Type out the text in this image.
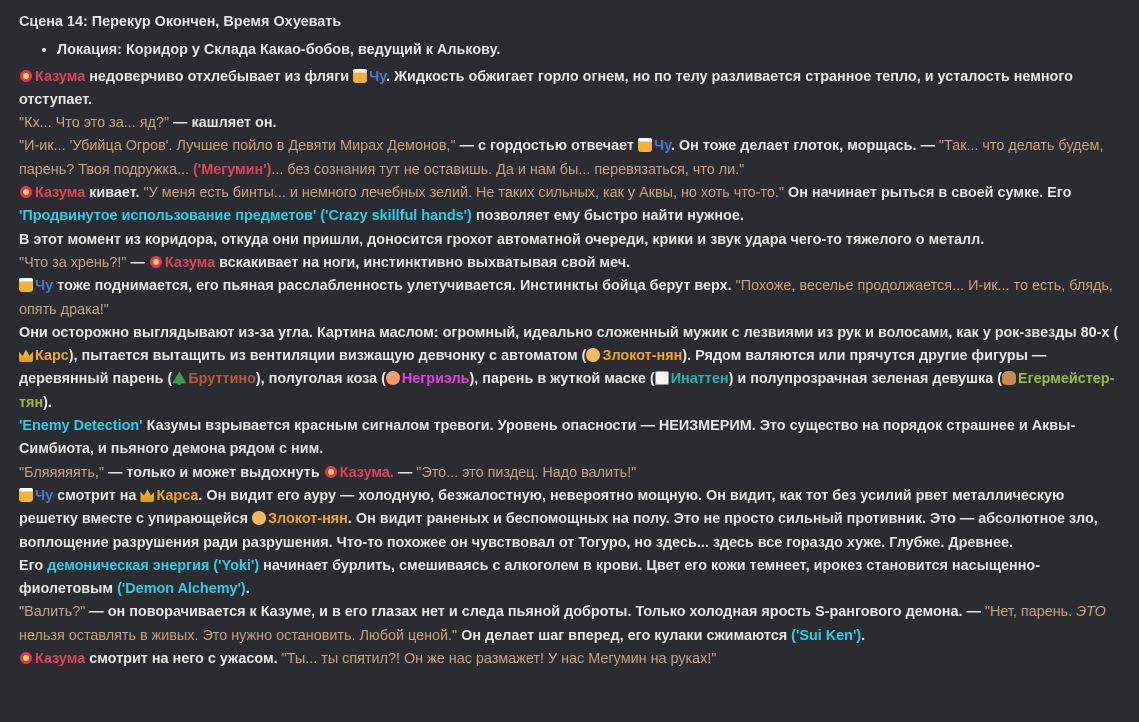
Сцена 14: Перекур Окончен, Время Охуевать

• Локация: Коридор у Склада Какао-бобов, ведущий к Алькову.

Казума недоверчиво отхлебывает из фляги Чу. Жидкость обжигает горло огнем, но по телу разливается странное тепло, и усталость немного отступает.

"Кх... Что это за... яд?" — кашляет он.

"И-ик... 'Убийца Огров'. Лучшее пойло в Девяти Мирах Демонов," — с гордостью отвечает Чу. Он тоже делает глоток, морщась. — "Так... что делать будем, парень? Твоя подружка... ('Мегумин')... без сознания тут не оставишь. Да и нам бы... перевязаться, что ли."

Казума кивает. "У меня есть бинты... и немного лечебных зелий. Не таких сильных, как у Аквы, но хоть что-то." Он начинает рыться в своей сумке. Его 'Продвинутое использование предметов' ('Crazy skillful hands') позволяет ему быстро найти нужное.

В этот момент из коридора, откуда они пришли, доносится грохот автоматной очереди, крики и звук удара чего-то тяжелого о металл.

"Что за хрень?!" — Казума вскакивает на ноги, инстинктивно выхватывая свой меч.

Чу тоже поднимается, его пьяная расслабленность улетучивается. Инстинкты бойца берут верх. "Похоже, веселье продолжается... И-ик... то есть, блядь, опять драка!"

Они осторожно выглядывают из-за угла. Картина маслом: огромный, идеально сложенный мужик с лезвиями из рук и волосами, как у рок-звезды 80-х (Карс), пытается вытащить из вентиляции визжащую девчонку с автоматом ( Злокот-нян). Рядом валяются или прячутся другие фигуры — деревянный парень ( Бруттино), полуголая коза ( Негриэль), парень в жуткой маске ( Инаттен) и полупрозрачная зеленая девушка ( Егермейстер-тян).

'Enemy Detection' Казумы взрывается красным сигналом тревоги. Уровень опасности — НЕИЗМЕРИМ. Это существо на порядок страшнее и Аквы-Симбиота, и пьяного демона рядом с ним.

"Бляяяяять," — только и может выдохнуть Казума. — "Это... это пиздец. Надо валить!"

Чу смотрит на Карса. Он видит его ауру — холодную, безжалостную, невероятно мощную. Он видит, как тот без усилий рвет металлическую решетку вместе с упирающейся Злокот-нян. Он видит раненых и беспомощных на полу. Это не просто сильный противник. Это — абсолютное зло, воплощение разрушения ради разрушения. Что-то похожее он чувствовал от Тогуро, но здесь... здесь все гораздо хуже. Глубже. Древнее.

Его демоническая энергия ('Yoki') начинает бурлить, смешиваясь с алкоголем в крови. Цвет его кожи темнеет, ирокез становится насыщенно-фиолетовым ('Demon Alchemy').

"Валить?" — он поворачивается к Казуме, и в его глазах нет и следа пьяной доброты. Только холодная ярость S-рангового демона. — "Нет, парень. ЭТО нельзя оставлять в живых. Это нужно остановить. Любой ценой." Он делает шаг вперед, его кулаки сжимаются ('Sui Ken').

Казума смотрит на него с ужасом. "Ты... ты спятил?! Он же нас размажет! У нас Мегумин на руках!"
